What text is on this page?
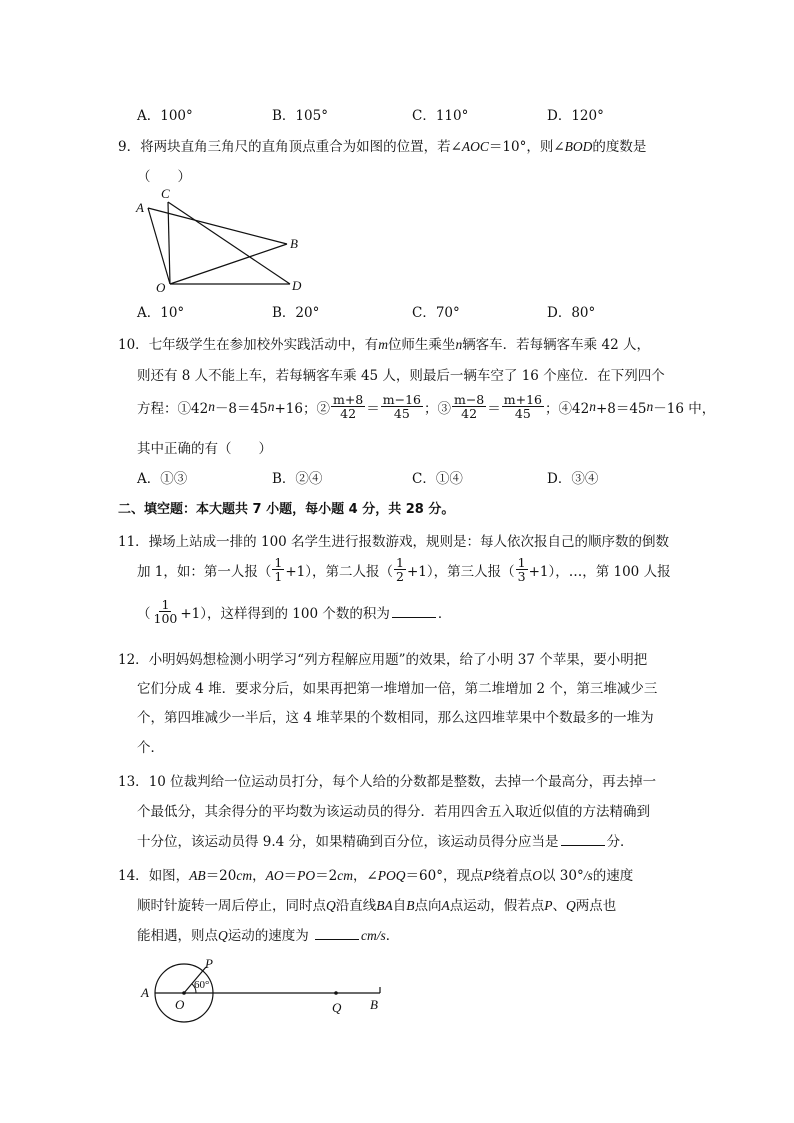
A．100°	B．105°	C．110°	D．120°
9．将两块直角三角尺的直角顶点重合为如图的位置，若∠AOC＝10°，则∠BOD的度数是
（　　）
A
C
B
D
O
A．10°	B．20°	C．70°	D．80°
10．七年级学生在参加校外实践活动中，有m位师生乘坐n辆客车．若每辆客车乘 42 人，
则还有 8 人不能上车，若每辆客车乘 45 人，则最后一辆车空了 16 个座位．在下列四个
方程：①42 n －8＝45 n +16；② $\frac{m+8}{42} = \frac{m-16}{45}$ ；③ $\frac{m-8}{42} = \frac{m+16}{45}$ ；④42 n +8＝45 n －16 中，
其中正确的有（　　）
A．①③	B．②④	C．①④	D．③④
二、填空题：本大题共 7 小题，每小题 4 分，共 28 分。
11．操场上站成一排的 100 名学生进行报数游戏，规则是：每人依次报自己的顺序数的倒数
加 1，如：第一人报（ $\frac{1}{1} +1$），第二人报（ $\frac{1}{2} +1$），第三人报（ $\frac{1}{3} +1$），…，第 100 人报
（ $\frac{1}{100} +1$），这样得到的 100 个数的积为	．
12．小明妈妈想检测小明学习“列方程解应用题”的效果，给了小明 37 个苹果，要小明把
它们分成 4 堆．要求分后，如果再把第一堆增加一倍，第二堆增加 2 个，第三堆减少三
个，第四堆减少一半后，这 4 堆苹果的个数相同，那么这四堆苹果中个数最多的一堆为
个．
13．10 位裁判给一位运动员打分，每个人给的分数都是整数，去掉一个最高分，再去掉一
个最低分，其余得分的平均数为该运动员的得分．若用四舍五入取近似值的方法精确到
十分位，该运动员得 9.4 分，如果精确到百分位，该运动员得分应当是	分．
14．如图，AB＝20cm，AO＝PO＝2cm，∠POQ＝60°，现点P绕着点O以 30°/s的速度
顺时针旋转一周后停止，同时点Q沿直线BA自B点向A点运动，假若点P、Q两点也
能相遇，则点Q运动的速度为	cm/s．
A
O
P
60°
Q B
